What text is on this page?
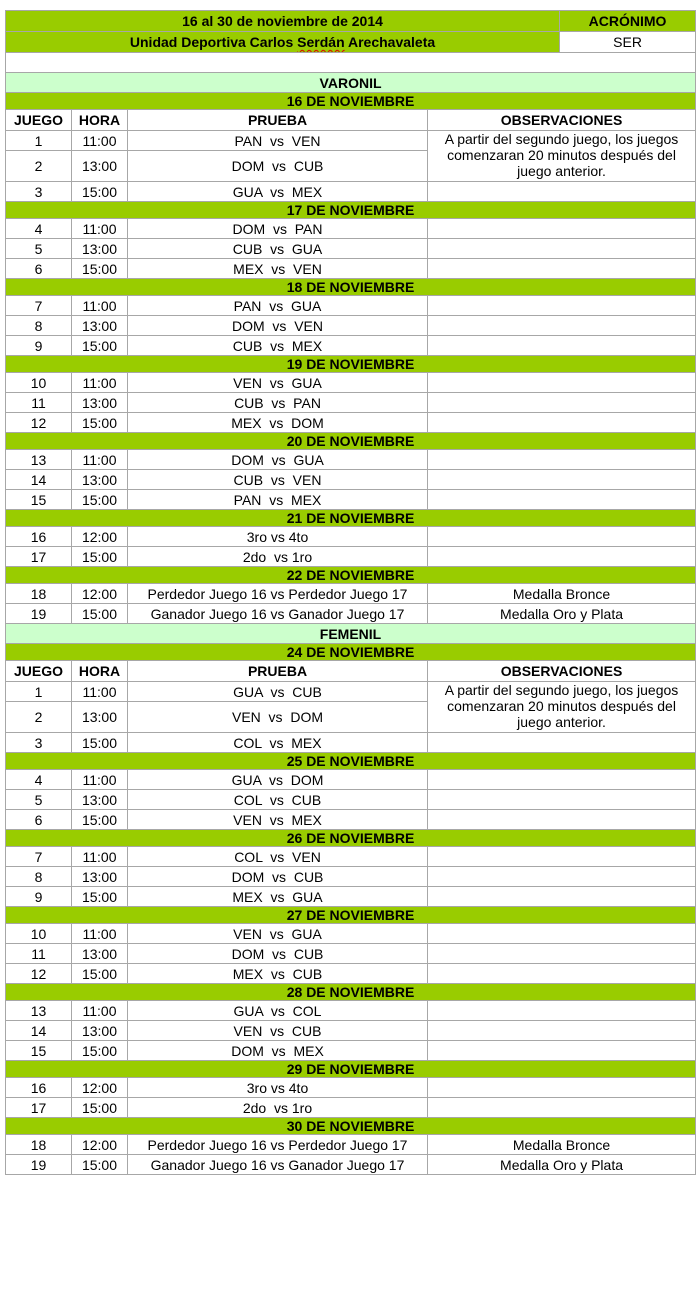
16 al 30 de noviembre de 2014				ACRÓNIMO
Unidad Deportiva Carlos Serdán Arechavaleta				SER

VARONIL				
16 DE NOVIEMBRE				
JUEGO	HORA	PRUEBA	OBSERVACIONES	
1	11:00	PAN  vs  VEN	A partir del segundo juego, los juegos comenzaran 20 minutos después del juego anterior.	
2	13:00	DOM  vs  CUB		
3	15:00	GUA  vs  MEX		
17 DE NOVIEMBRE				
4	11:00	DOM  vs  PAN		
5	13:00	CUB  vs  GUA		
6	15:00	MEX  vs  VEN		
18 DE NOVIEMBRE				
7	11:00	PAN  vs  GUA		
8	13:00	DOM  vs  VEN		
9	15:00	CUB  vs  MEX		
19 DE NOVIEMBRE				
10	11:00	VEN  vs  GUA		
11	13:00	CUB  vs  PAN		
12	15:00	MEX  vs  DOM		
20 DE NOVIEMBRE				
13	11:00	DOM  vs  GUA		
14	13:00	CUB  vs  VEN		
15	15:00	PAN  vs  MEX		
21 DE NOVIEMBRE				
16	12:00	3ro vs 4to		
17	15:00	2do  vs 1ro		
22 DE NOVIEMBRE				
18	12:00	Perdedor Juego 16 vs Perdedor Juego 17	Medalla Bronce	
19	15:00	Ganador Juego 16 vs Ganador Juego 17	Medalla Oro y Plata	
FEMENIL				
24 DE NOVIEMBRE				
JUEGO	HORA	PRUEBA	OBSERVACIONES	
1	11:00	GUA  vs  CUB	A partir del segundo juego, los juegos comenzaran 20 minutos después del juego anterior.	
2	13:00	VEN  vs  DOM		
3	15:00	COL  vs  MEX		
25 DE NOVIEMBRE				
4	11:00	GUA  vs  DOM		
5	13:00	COL  vs  CUB		
6	15:00	VEN  vs  MEX		
26 DE NOVIEMBRE				
7	11:00	COL  vs  VEN		
8	13:00	DOM  vs  CUB		
9	15:00	MEX  vs  GUA		
27 DE NOVIEMBRE				
10	11:00	VEN  vs  GUA		
11	13:00	DOM  vs  CUB		
12	15:00	MEX  vs  CUB		
28 DE NOVIEMBRE				
13	11:00	GUA  vs  COL		
14	13:00	VEN  vs  CUB		
15	15:00	DOM  vs  MEX		
29 DE NOVIEMBRE				
16	12:00	3ro vs 4to		
17	15:00	2do  vs 1ro		
30 DE NOVIEMBRE				
18	12:00	Perdedor Juego 16 vs Perdedor Juego 17	Medalla Bronce	
19	15:00	Ganador Juego 16 vs Ganador Juego 17	Medalla Oro y Plata	
